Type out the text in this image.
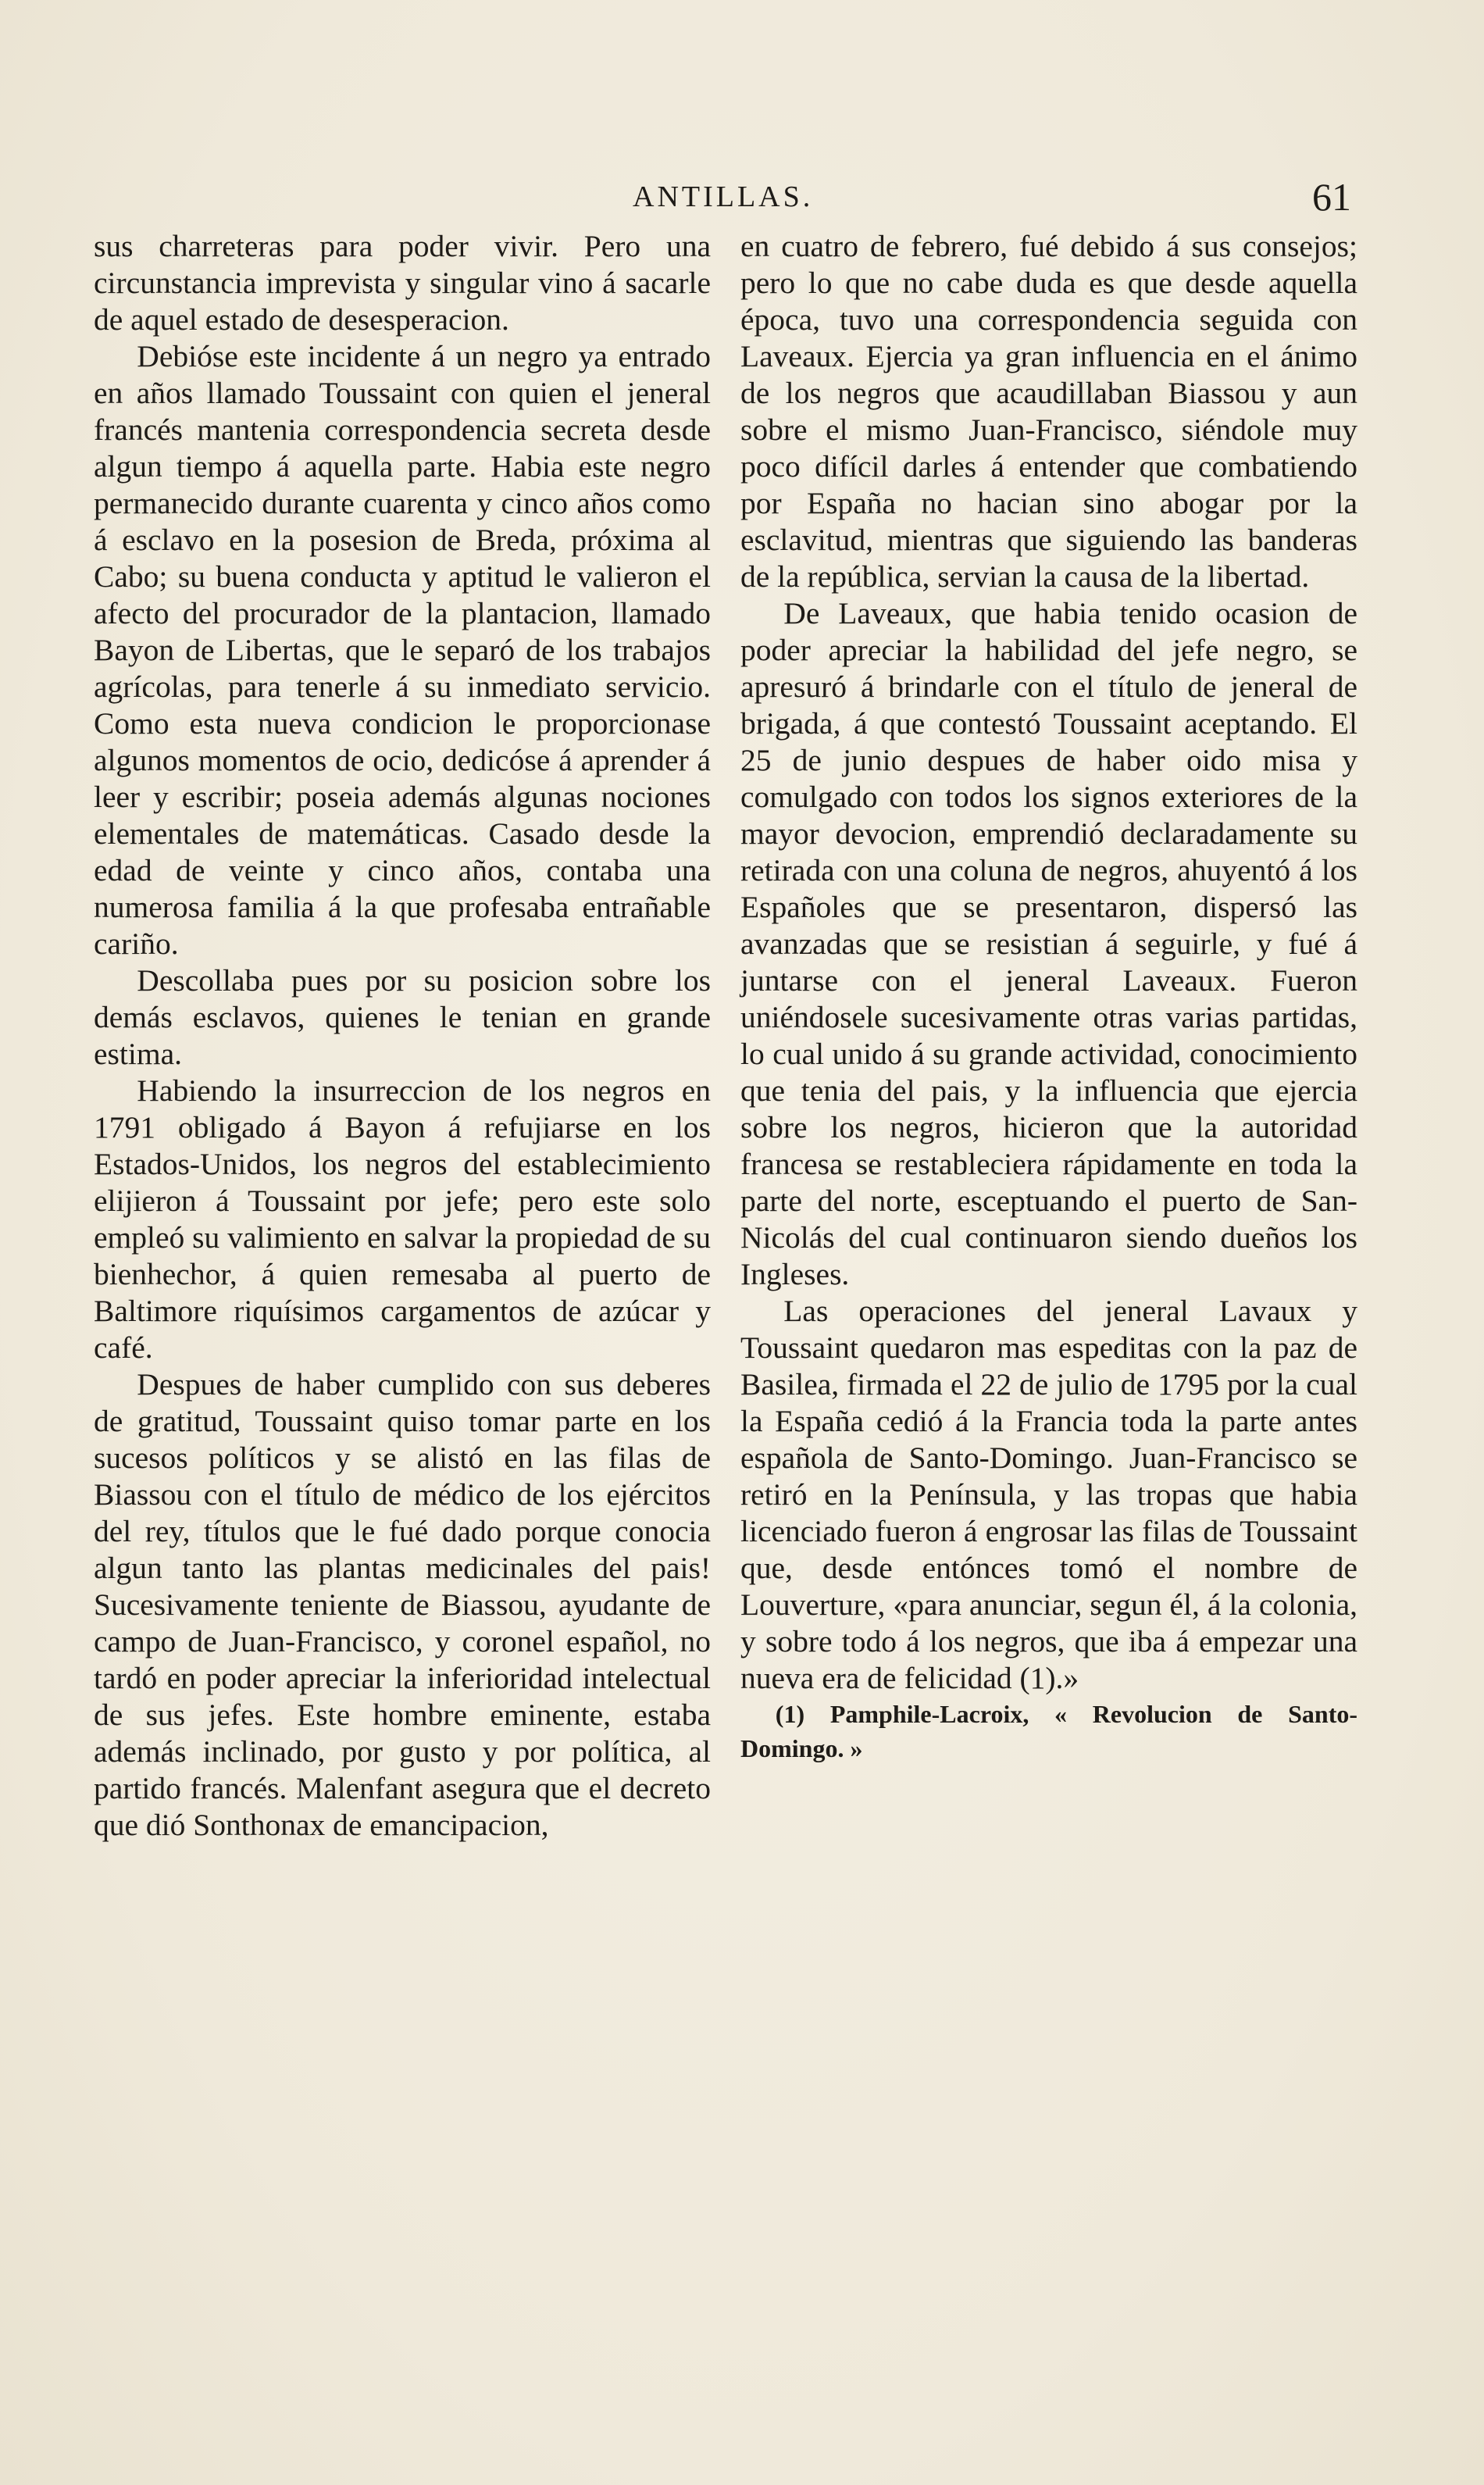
ANTILLAS.	61

sus charreteras para poder vivir. Pero una circunstancia imprevista y singular vino á sacarle de aquel estado de desesperacion.

Debióse este incidente á un negro ya entrado en años llamado Toussaint con quien el jeneral francés mantenia correspondencia secreta desde algun tiempo á aquella parte. Habia este negro permanecido durante cuarenta y cinco años como á esclavo en la posesion de Breda, próxima al Cabo; su buena conducta y aptitud le valieron el afecto del procurador de la plantacion, llamado Bayon de Libertas, que le separó de los trabajos agrícolas, para tenerle á su inmediato servicio. Como esta nueva condicion le proporcionase algunos momentos de ocio, dedicóse á aprender á leer y escribir; poseia además algunas nociones elementales de matemáticas. Casado desde la edad de veinte y cinco años, contaba una numerosa familia á la que profesaba entrañable cariño.

Descollaba pues por su posicion sobre los demás esclavos, quienes le tenian en grande estima.

Habiendo la insurreccion de los negros en 1791 obligado á Bayon á refujiarse en los Estados-Unidos, los negros del establecimiento elijieron á Toussaint por jefe; pero este solo empleó su valimiento en salvar la propiedad de su bienhechor, á quien remesaba al puerto de Baltimore riquísimos cargamentos de azúcar y café.

Despues de haber cumplido con sus deberes de gratitud, Toussaint quiso tomar parte en los sucesos políticos y se alistó en las filas de Biassou con el título de médico de los ejércitos del rey, títulos que le fué dado porque conocia algun tanto las plantas medicinales del pais! Sucesivamente teniente de Biassou, ayudante de campo de Juan-Francisco, y coronel español, no tardó en poder apreciar la inferioridad intelectual de sus jefes. Este hombre eminente, estaba además inclinado, por gusto y por política, al partido francés. Malenfant asegura que el decreto que dió Sonthonax de emancipacion,

en cuatro de febrero, fué debido á sus consejos; pero lo que no cabe duda es que desde aquella época, tuvo una correspondencia seguida con Laveaux. Ejercia ya gran influencia en el ánimo de los negros que acaudillaban Biassou y aun sobre el mismo Juan-Francisco, siéndole muy poco difícil darles á entender que combatiendo por España no hacian sino abogar por la esclavitud, mientras que siguiendo las banderas de la república, servian la causa de la libertad.

De Laveaux, que habia tenido ocasion de poder apreciar la habilidad del jefe negro, se apresuró á brindarle con el título de jeneral de brigada, á que contestó Toussaint aceptando. El 25 de junio despues de haber oido misa y comulgado con todos los signos exteriores de la mayor devocion, emprendió declaradamente su retirada con una coluna de negros, ahuyentó á los Españoles que se presentaron, dispersó las avanzadas que se resistian á seguirle, y fué á juntarse con el jeneral Laveaux. Fueron uniéndosele sucesivamente otras varias partidas, lo cual unido á su grande actividad, conocimiento que tenia del pais, y la influencia que ejercia sobre los negros, hicieron que la autoridad francesa se restableciera rápidamente en toda la parte del norte, esceptuando el puerto de San-Nicolás del cual continuaron siendo dueños los Ingleses.

Las operaciones del jeneral Lavaux y Toussaint quedaron mas espeditas con la paz de Basilea, firmada el 22 de julio de 1795 por la cual la España cedió á la Francia toda la parte antes española de Santo-Domingo. Juan-Francisco se retiró en la Península, y las tropas que habia licenciado fueron á engrosar las filas de Toussaint que, desde entónces tomó el nombre de Louverture, «para anunciar, segun él, á la colonia, y sobre todo á los negros, que iba á empezar una nueva era de felicidad (1).»

(1) Pamphile-Lacroix, « Revolucion de Santo-Domingo. »
